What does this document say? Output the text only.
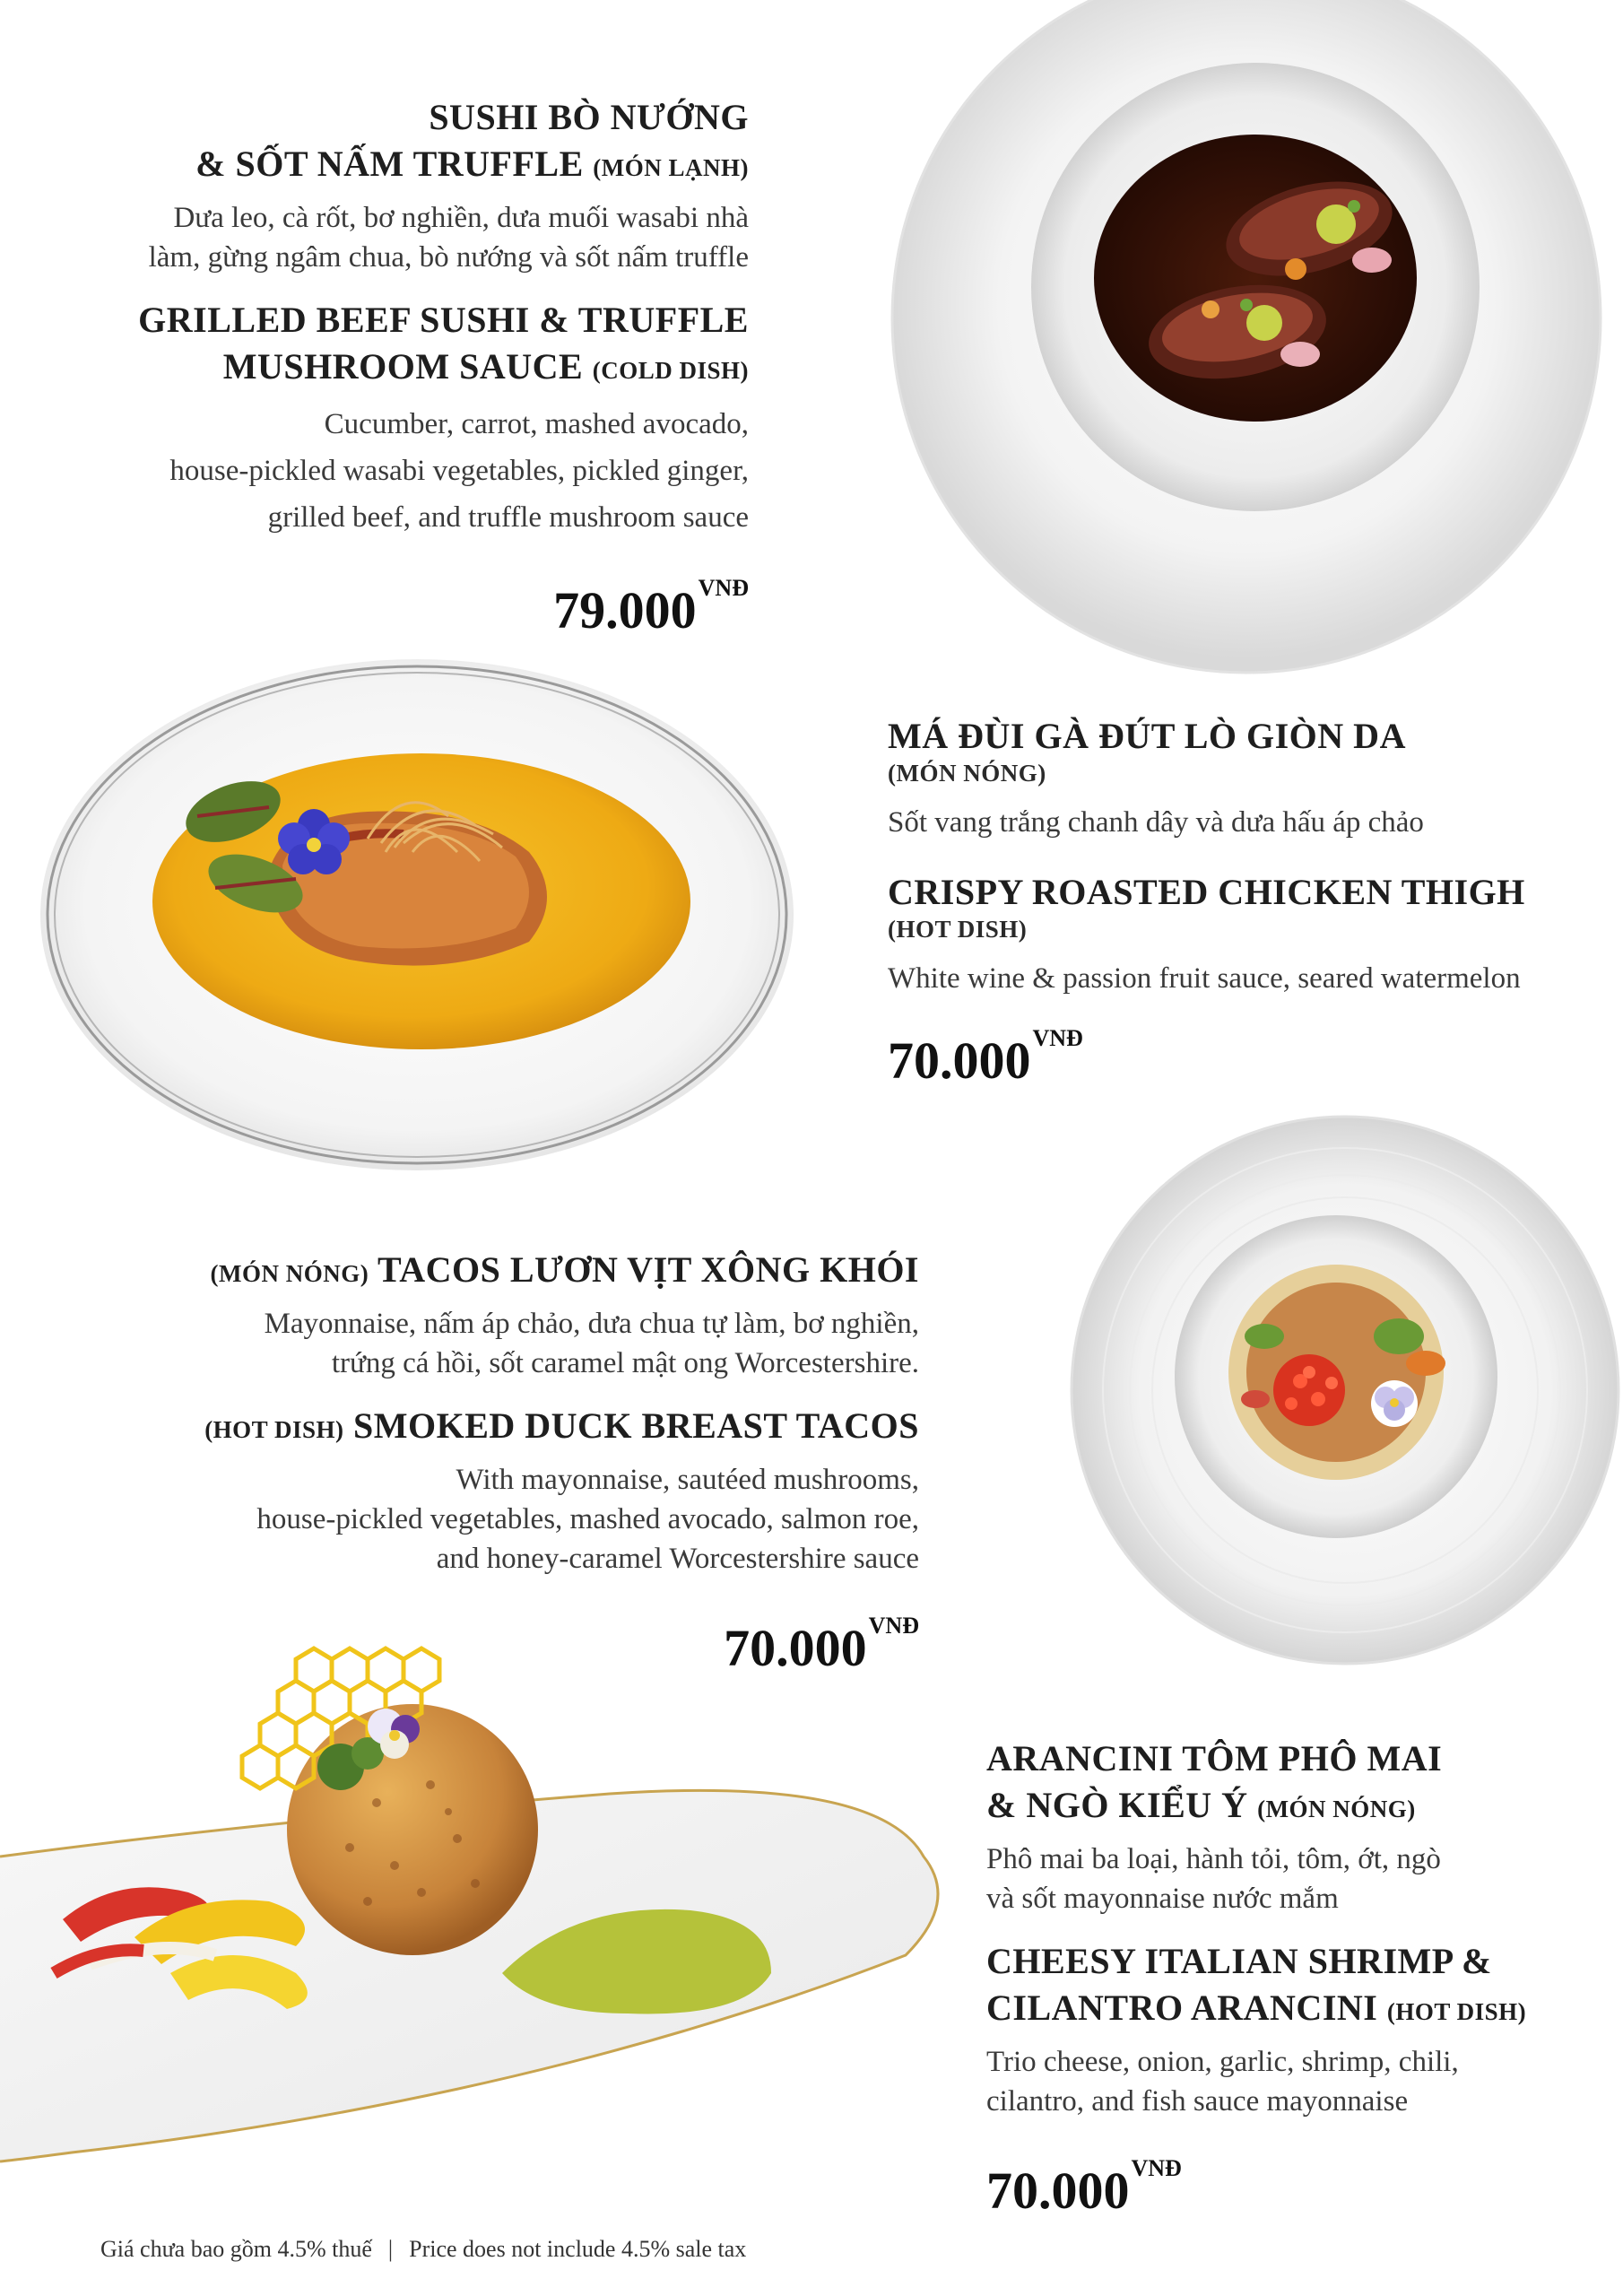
SUSHI BÒ NƯỚNG
& SỐT NẤM TRUFFLE (MÓN LẠNH)
Dưa leo, cà rốt, bơ nghiền, dưa muối wasabi nhà
làm, gừng ngâm chua, bò nướng và sốt nấm truffle
GRILLED BEEF SUSHI & TRUFFLE
MUSHROOM SAUCE (COLD DISH)
Cucumber, carrot, mashed avocado,
house-pickled wasabi vegetables, pickled ginger,
grilled beef, and truffle mushroom sauce
$79.000^{VNĐ}$
MÁ ĐÙI GÀ ĐÚT LÒ GIÒN DA
(MÓN NÓNG)
Sốt vang trắng chanh dây và dưa hấu áp chảo
CRISPY ROASTED CHICKEN THIGH
(HOT DISH)
White wine & passion fruit sauce, seared watermelon
$70.000^{VNĐ}$
(MÓN NÓNG) TACOS LƯƠN VỊT XÔNG KHÓI
Mayonnaise, nấm áp chảo, dưa chua tự làm, bơ nghiền,
trứng cá hồi, sốt caramel mật ong Worcestershire.
(HOT DISH) SMOKED DUCK BREAST TACOS
With mayonnaise, sautéed mushrooms,
house-pickled vegetables, mashed avocado, salmon roe,
and honey-caramel Worcestershire sauce
$70.000^{VNĐ}$
ARANCINI TÔM PHÔ MAI
& NGÒ KIỂU Ý (MÓN NÓNG)
Phô mai ba loại, hành tỏi, tôm, ớt, ngò
và sốt mayonnaise nước mắm
CHEESY ITALIAN SHRIMP &
CILANTRO ARANCINI (HOT DISH)
Trio cheese, onion, garlic, shrimp, chili,
cilantro, and fish sauce mayonnaise
$70.000^{VNĐ}$
Giá chưa bao gồm 4.5% thuế | Price does not include 4.5% sale tax
